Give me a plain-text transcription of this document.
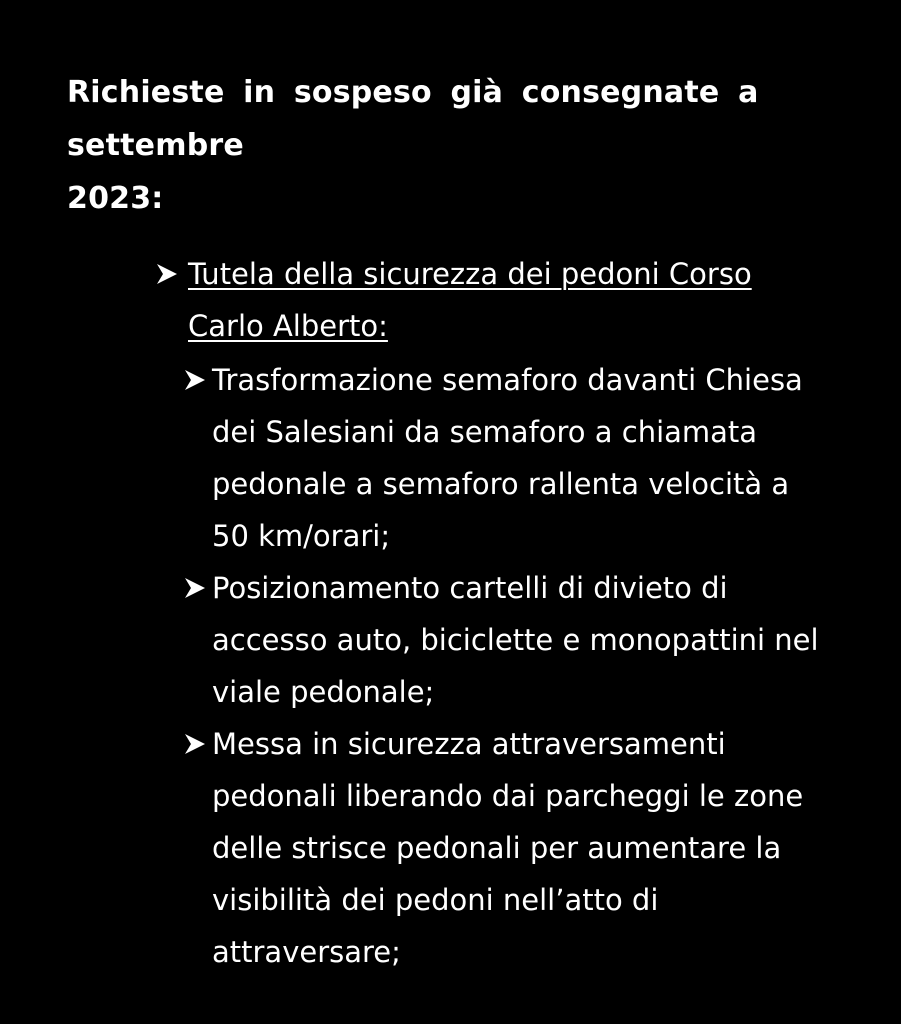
Richieste in sospeso già consegnate a settembre
2023:
Tutela della sicurezza dei pedoni Corso
Carlo Alberto:
Trasformazione semaforo davanti Chiesa
dei Salesiani da semaforo a chiamata
pedonale a semaforo rallenta velocità a
50 km/orari;
Posizionamento cartelli di divieto di
accesso auto, biciclette e monopattini nel
viale pedonale;
Messa in sicurezza attraversamenti
pedonali liberando dai parcheggi le zone
delle strisce pedonali per aumentare la
visibilità dei pedoni nell’atto di
attraversare;
